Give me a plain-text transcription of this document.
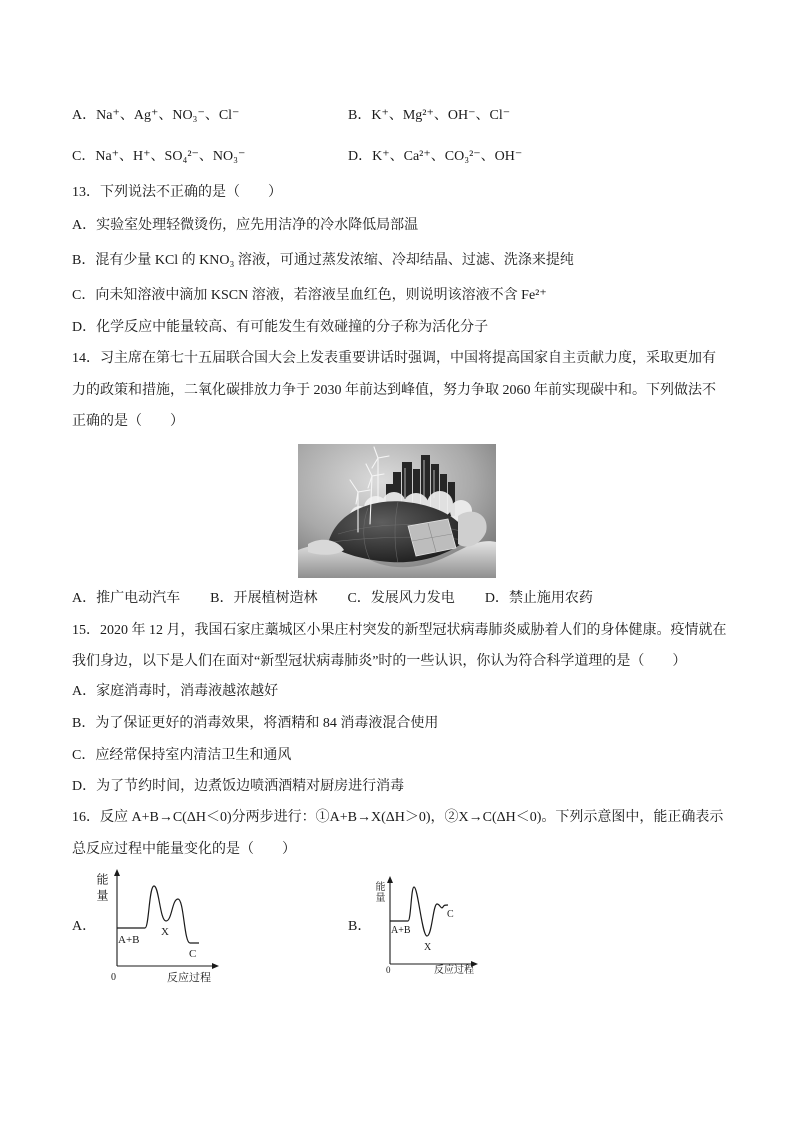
A．Na⁺、Ag⁺、NO₃⁻、Cl⁻	B．K⁺、Mg²⁺、OH⁻、Cl⁻
C．Na⁺、H⁺、SO₄²⁻、NO₃⁻	D．K⁺、Ca²⁺、CO₃²⁻、OH⁻
13．下列说法不正确的是（　　）
A．实验室处理轻微烫伤，应先用洁净的冷水降低局部温
B．混有少量 KCl 的 KNO₃ 溶液，可通过蒸发浓缩、冷却结晶、过滤、洗涤来提纯
C．向未知溶液中滴加 KSCN 溶液，若溶液呈血红色，则说明该溶液不含 Fe²⁺
D．化学反应中能量较高、有可能发生有效碰撞的分子称为活化分子
14．习主席在第七十五届联合国大会上发表重要讲话时强调，中国将提高国家自主贡献力度，采取更加有
力的政策和措施，二氧化碳排放力争于 2030 年前达到峰值，努力争取 2060 年前实现碳中和。下列做法不
正确的是（　　）
A．推广电动汽车 B．开展植树造林 C．发展风力发电 D．禁止施用农药
15．2020 年 12 月，我国石家庄藁城区小果庄村突发的新型冠状病毒肺炎威胁着人们的身体健康。疫情就在
我们身边，以下是人们在面对“新型冠状病毒肺炎”时的一些认识，你认为符合科学道理的是（　　）
A．家庭消毒时，消毒液越浓越好
B．为了保证更好的消毒效果，将酒精和 84 消毒液混合使用
C．应经常保持室内清洁卫生和通风
D．为了节约时间，边煮饭边喷洒酒精对厨房进行消毒
16．反应 A+B→C(ΔH＜0)分两步进行：①A+B→X(ΔH＞0)，②X→C(ΔH＜0)。下列示意图中，能正确表示
总反应过程中能量变化的是（　　）
A．
能量
A+B
X
C
0	反应过程
B．
能量
A+B
X
C
0	反应过程
